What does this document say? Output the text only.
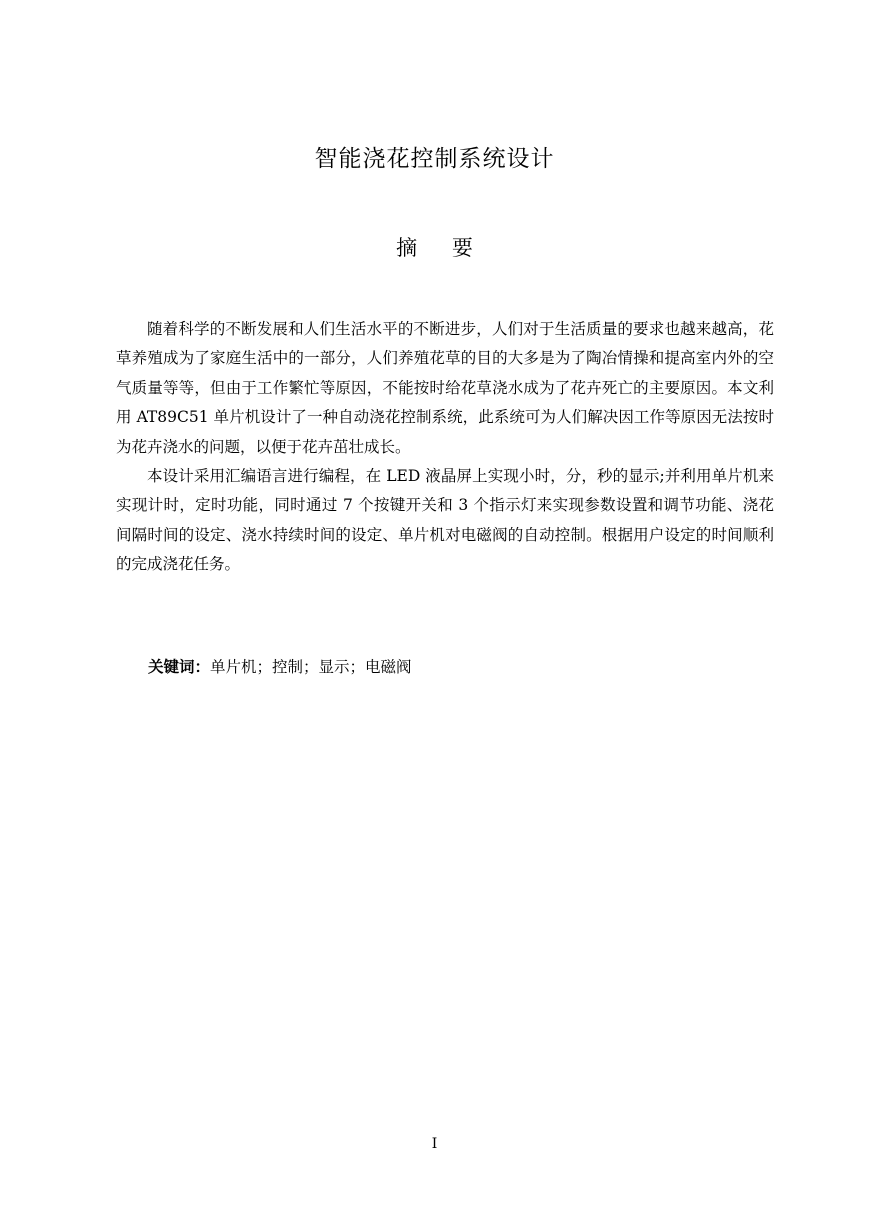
智能浇花控制系统设计
摘 要

随着科学的不断发展和人们生活水平的不断进步，人们对于生活质量的要求也越来越高，花草养殖成为了家庭生活中的一部分，人们养殖花草的目的大多是为了陶冶情操和提高室内外的空气质量等等，但由于工作繁忙等原因，不能按时给花草浇水成为了花卉死亡的主要原因。本文利用 AT89C51 单片机设计了一种自动浇花控制系统，此系统可为人们解决因工作等原因无法按时为花卉浇水的问题，以便于花卉茁壮成长。

本设计采用汇编语言进行编程，在 LED 液晶屏上实现小时，分，秒的显示;并利用单片机来实现计时，定时功能，同时通过 7 个按键开关和 3 个指示灯来实现参数设置和调节功能、浇花间隔时间的设定、浇水持续时间的设定、单片机对电磁阀的自动控制。根据用户设定的时间顺利的完成浇花任务。

关键词：单片机；控制；显示；电磁阀
I
